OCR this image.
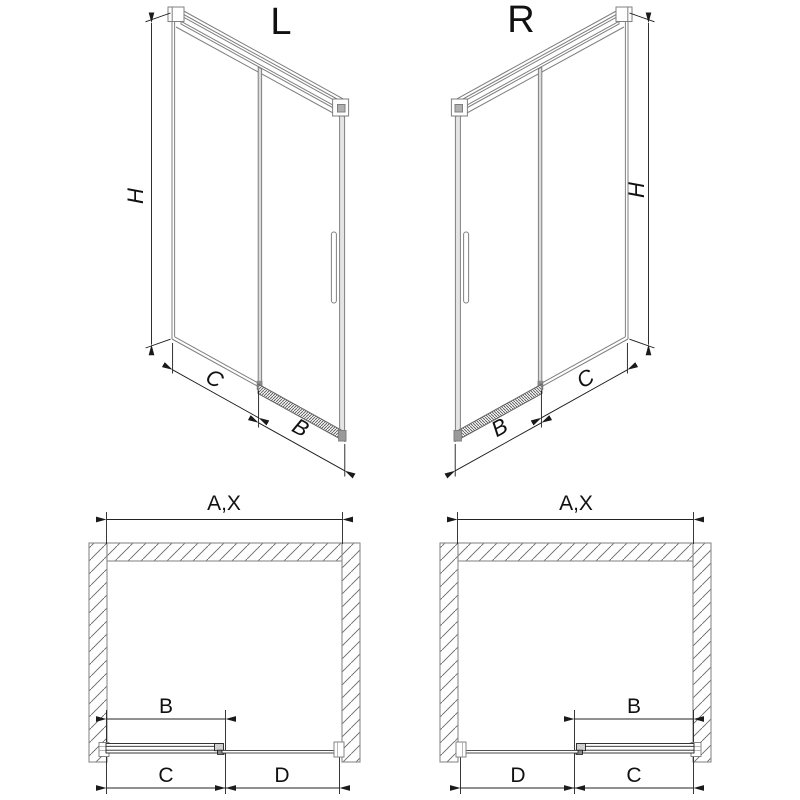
L	R
H
C
B
H
C
B
A,X
B
C	D
A,X
B
D	C
